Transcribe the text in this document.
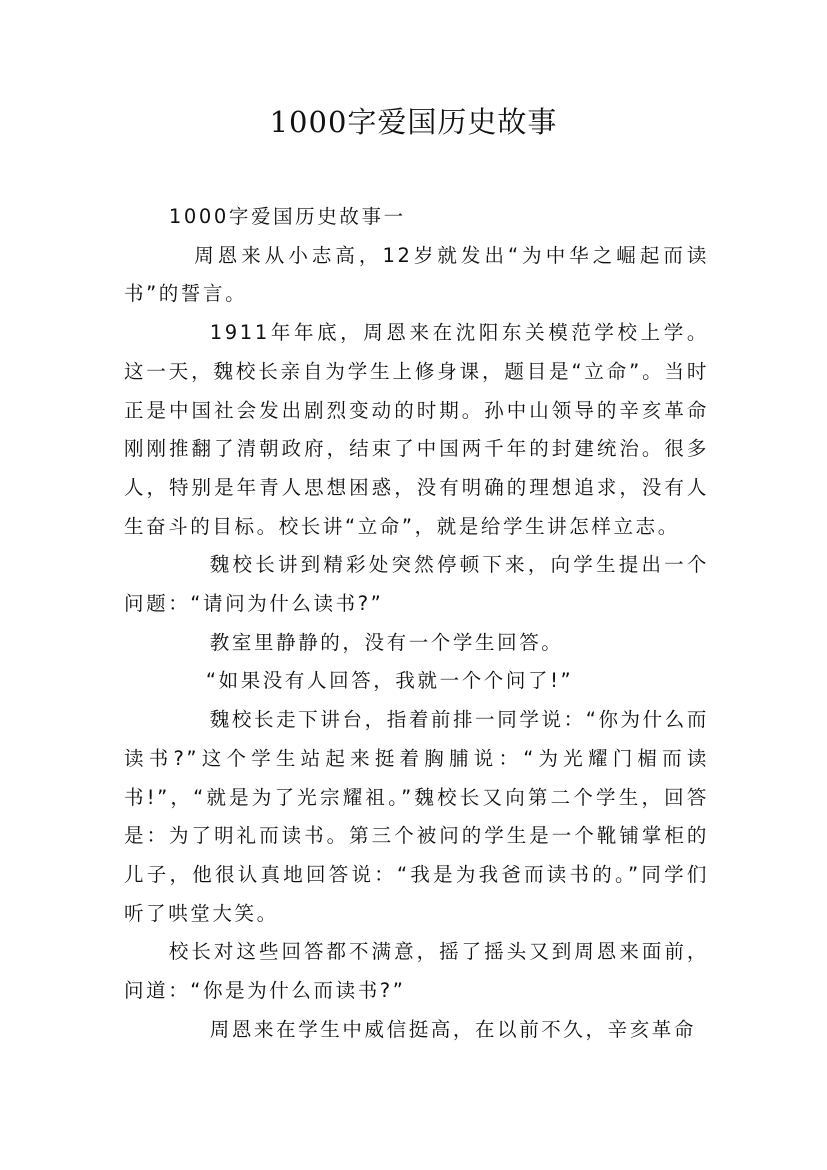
1000字爱国历史故事

1000字爱国历史故事一

周恩来从小志高，12岁就发出“为中华之崛起而读书”的誓言。

1911年年底，周恩来在沈阳东关模范学校上学。这一天，魏校长亲自为学生上修身课，题目是“立命”。当时正是中国社会发出剧烈变动的时期。孙中山领导的辛亥革命刚刚推翻了清朝政府，结束了中国两千年的封建统治。很多人，特别是年青人思想困惑，没有明确的理想追求，没有人生奋斗的目标。校长讲“立命”，就是给学生讲怎样立志。

魏校长讲到精彩处突然停顿下来，向学生提出一个问题：“请问为什么读书?”

教室里静静的，没有一个学生回答。

“如果没有人回答，我就一个个问了!”

魏校长走下讲台，指着前排一同学说：“你为什么而读书?”这个学生站起来挺着胸脯说：“为光耀门楣而读书!”，“就是为了光宗耀祖。”魏校长又向第二个学生，回答是：为了明礼而读书。第三个被问的学生是一个靴铺掌柜的儿子，他很认真地回答说：“我是为我爸而读书的。”同学们听了哄堂大笑。

校长对这些回答都不满意，摇了摇头又到周恩来面前，问道：“你是为什么而读书?”

周恩来在学生中威信挺高，在以前不久，辛亥革命
